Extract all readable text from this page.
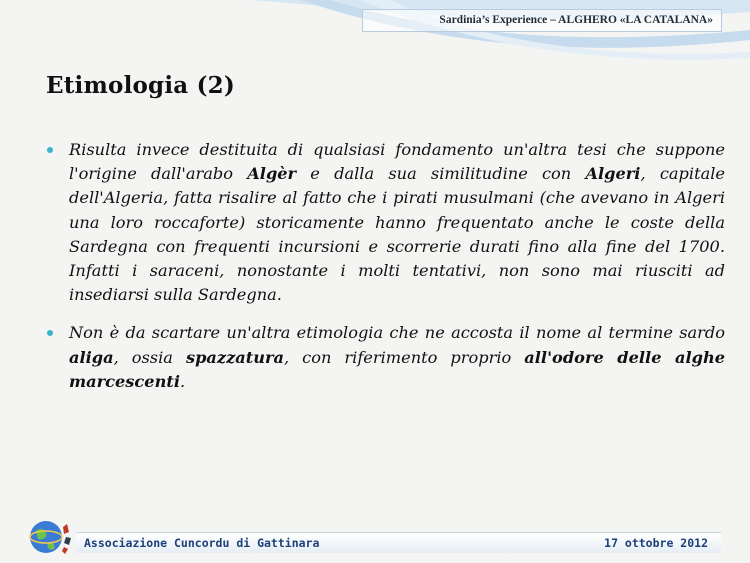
Sardinia’s Experience – ALGHERO «LA CATALANA»
Etimologia (2)

Risulta invece destituita di qualsiasi fondamento un'altra tesi che suppone l'origine dall'arabo Algèr e dalla sua similitudine con Algeri, capitale dell'Algeria, fatta risalire al fatto che i pirati musulmani (che avevano in Algeri una loro roccaforte) storicamente hanno frequentato anche le coste della Sardegna con frequenti incursioni e scorrerie durati fino alla fine del 1700. Infatti i saraceni, nonostante i molti tentativi, non sono mai riusciti ad insediarsi sulla Sardegna.

Non è da scartare un'altra etimologia che ne accosta il nome al termine sardo aliga, ossia spazzatura, con riferimento proprio all'odore delle alghe marcescenti.

Associazione Cuncordu di Gattinara	17 ottobre 2012
